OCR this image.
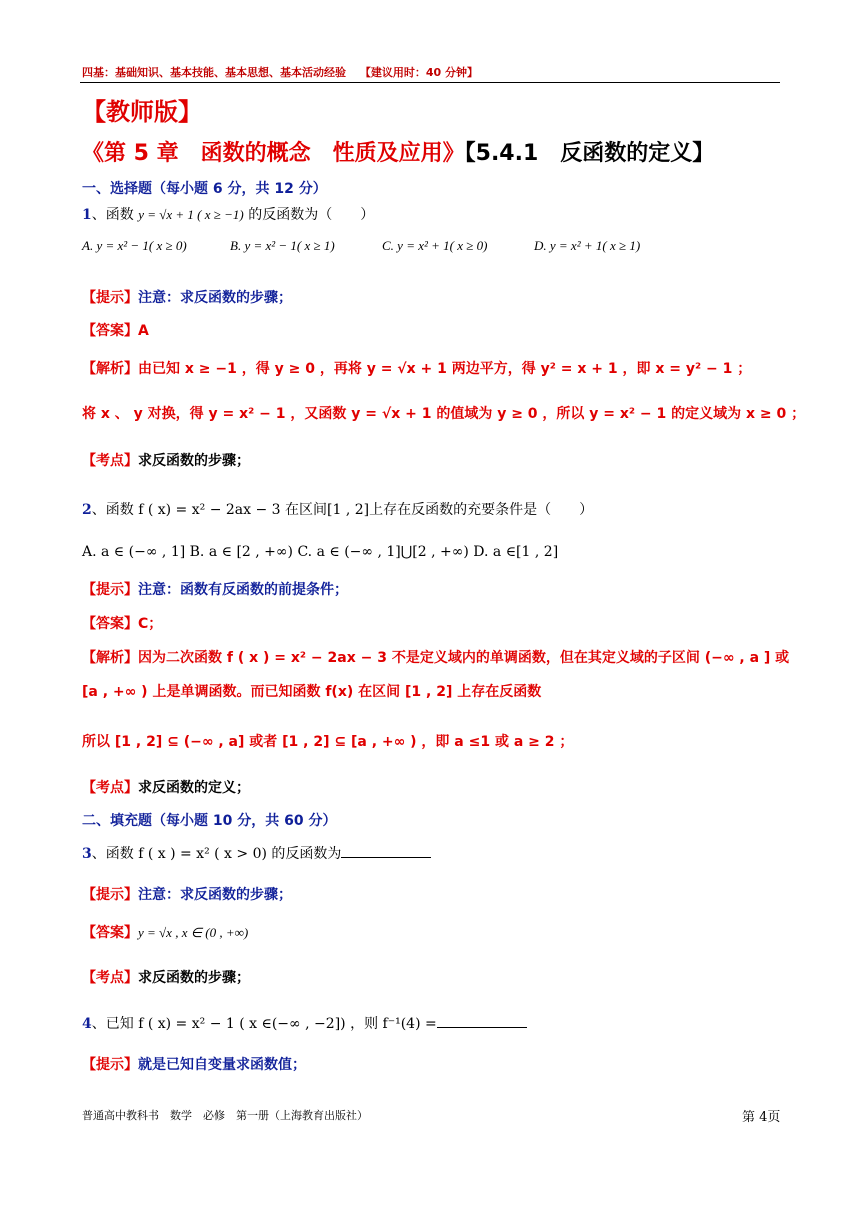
四基：基础知识、基本技能、基本思想、基本活动经验 【建议用时：40 分钟】
【教师版】
《第 5 章　函数的概念　性质及应用》【5.4.1　反函数的定义】
一、选择题（每小题 6 分，共 12 分）
1、函数 y = √x + 1 ( x ≥ −1) 的反函数为（　　）
A. y = x² − 1( x ≥ 0)	B. y = x² − 1( x ≥ 1)	C. y = x² + 1( x ≥ 0)	D. y = x² + 1( x ≥ 1)
【提示】注意：求反函数的步骤；
【答案】A
【解析】由已知 x ≥ −1 ，得 y ≥ 0 ，再将 y = √x + 1 两边平方，得 y² = x + 1 ，即 x = y² − 1 ；
将 x 、 y 对换，得 y = x² − 1 ，又函数 y = √x + 1 的值域为 y ≥ 0 ，所以 y = x² − 1 的定义域为 x ≥ 0 ；
【考点】求反函数的步骤；
2、函数 f ( x) = x² − 2ax − 3 在区间[1 , 2]上存在反函数的充要条件是（　　）
A. a ∈ (−∞ , 1] B. a ∈ [2 , +∞) C. a ∈ (−∞ , 1]⋃[2 , +∞) D. a ∈[1 , 2]
【提示】注意：函数有反函数的前提条件；
【答案】C；
【解析】因为二次函数 f ( x ) = x² − 2ax − 3 不是定义域内的单调函数，但在其定义域的子区间 (−∞ , a ] 或
[a , +∞ ) 上是单调函数。而已知函数 f(x) 在区间 [1 , 2] 上存在反函数
所以 [1 , 2] ⊆ (−∞ , a] 或者 [1 , 2] ⊆ [a , +∞ ) ，即 a ≤1 或 a ≥ 2 ；
【考点】求反函数的定义；
二、填充题（每小题 10 分，共 60 分）
3、函数 f ( x ) = x² ( x > 0) 的反函数为
【提示】注意：求反函数的步骤；
【答案】y = √x , x ∈ (0 , +∞)
【考点】求反函数的步骤；
4、已知 f ( x) = x² − 1 ( x ∈(−∞ , −2]) ，则 f⁻¹(4) =
【提示】就是已知自变量求函数值；
普通高中教科书　数学　必修　第一册（上海教育出版社）	第 4页
